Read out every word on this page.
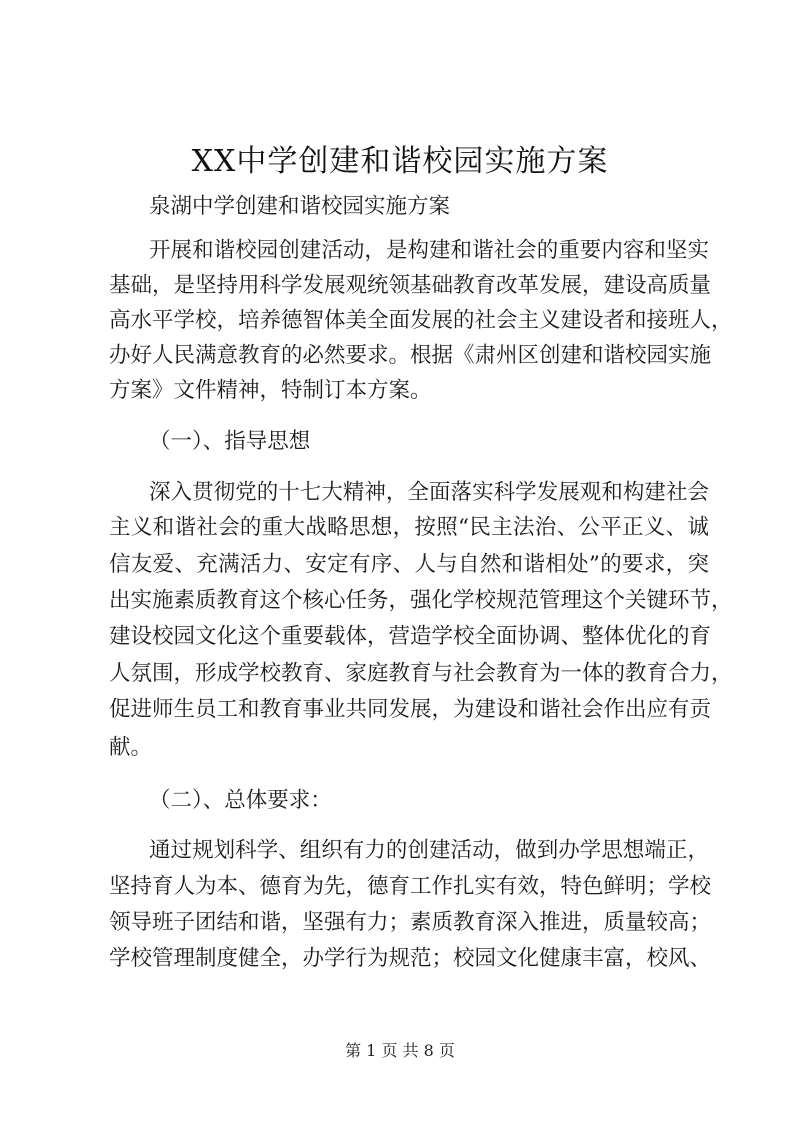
XX中学创建和谐校园实施方案
泉湖中学创建和谐校园实施方案
开展和谐校园创建活动，是构建和谐社会的重要内容和坚实
基础，是坚持用科学发展观统领基础教育改革发展，建设高质量
高水平学校，培养德智体美全面发展的社会主义建设者和接班人，
办好人民满意教育的必然要求。根据《肃州区创建和谐校园实施
方案》文件精神，特制订本方案。
（一）、指导思想
深入贯彻党的十七大精神，全面落实科学发展观和构建社会
主义和谐社会的重大战略思想，按照“民主法治、公平正义、诚
信友爱、充满活力、安定有序、人与自然和谐相处”的要求，突
出实施素质教育这个核心任务，强化学校规范管理这个关键环节，
建设校园文化这个重要载体，营造学校全面协调、整体优化的育
人氛围，形成学校教育、家庭教育与社会教育为一体的教育合力，
促进师生员工和教育事业共同发展，为建设和谐社会作出应有贡
献。
（二）、总体要求：
通过规划科学、组织有力的创建活动，做到办学思想端正，
坚持育人为本、德育为先，德育工作扎实有效，特色鲜明；学校
领导班子团结和谐，坚强有力；素质教育深入推进，质量较高；
学校管理制度健全，办学行为规范；校园文化健康丰富，校风、
第 1 页 共 8 页
